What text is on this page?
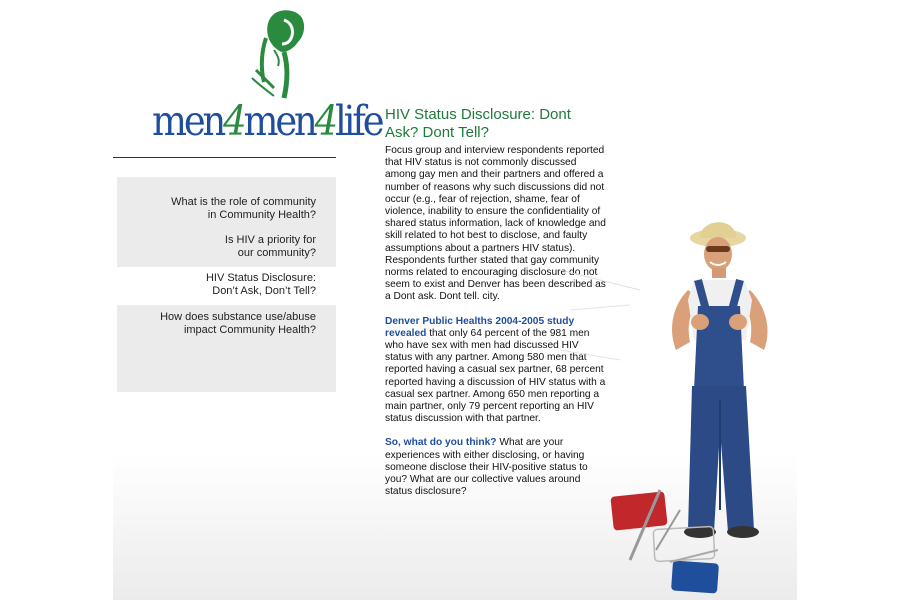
men4men4life
What is the role of community
in Community Health?
Is HIV a priority for
our community?
HIV Status Disclosure:
Don’t Ask, Don’t Tell?
How does substance use/abuse
impact Community Health?
HIV Status Disclosure: Dont Ask? Dont Tell?

Focus group and interview respondents reported that HIV status is not commonly discussed among gay men and their partners and offered a number of reasons why such discussions did not occur (e.g., fear of rejection, shame, fear of violence, inability to ensure the confidentiality of shared status information, lack of knowledge and skill related to hot best to disclose, and faulty assumptions about a partners HIV status). Respondents further stated that gay community norms related to encouraging disclosure do not seem to exist and Denver has been described as a Dont ask. Dont tell. city.

Denver Public Healths 2004-2005 study revealed that only 64 percent of the 981 men who have sex with men had discussed HIV status with any partner. Among 580 men that reported having a casual sex partner, 68 percent reported having a discussion of HIV status with a casual sex partner. Among 650 men reporting a main partner, only 79 percent reporting an HIV status discussion with that partner.

So, what do you think? What are your experiences with either disclosing, or having someone disclose their HIV-positive status to you? What are our collective values around status disclosure?
